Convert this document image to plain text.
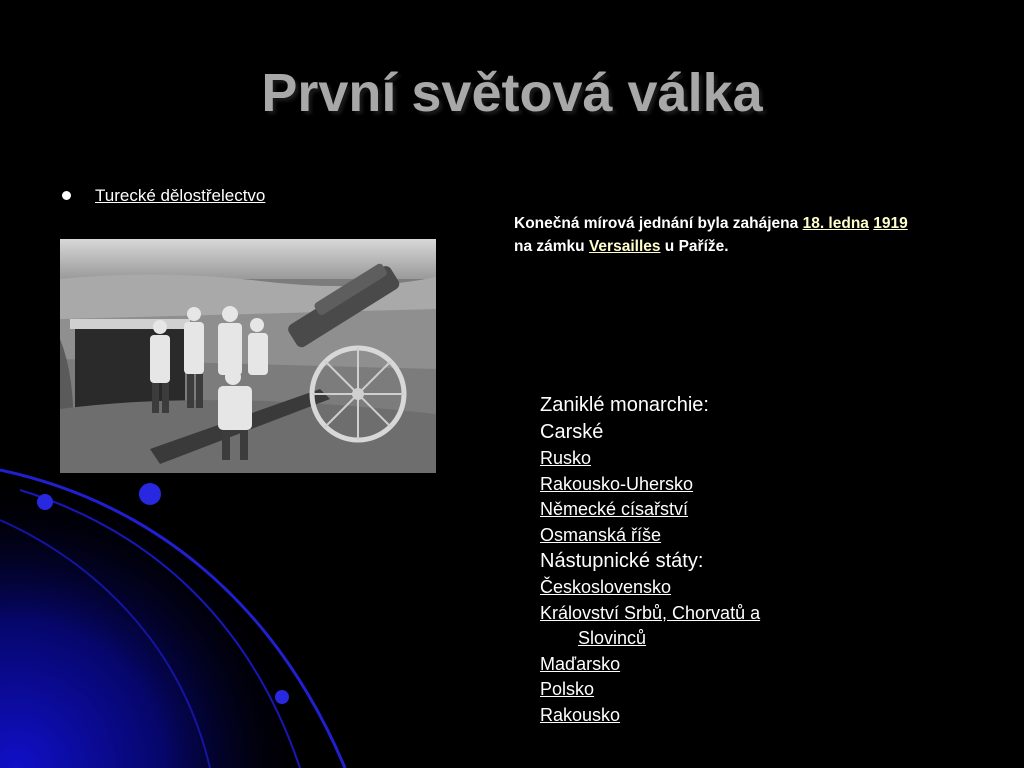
První světová válka
Turecké dělostřelectvo
Konečná mírová jednání byla zahájena 18. ledna 1919 na zámku Versailles u Paříže.
Zaniklé monarchie:
Carské
Rusko
Rakousko-Uhersko
Německé císařství
Osmanská říše
Nástupnické státy:
Československo
Království Srbů, Chorvatů a
Slovinců
Maďarsko
Polsko
Rakousko
